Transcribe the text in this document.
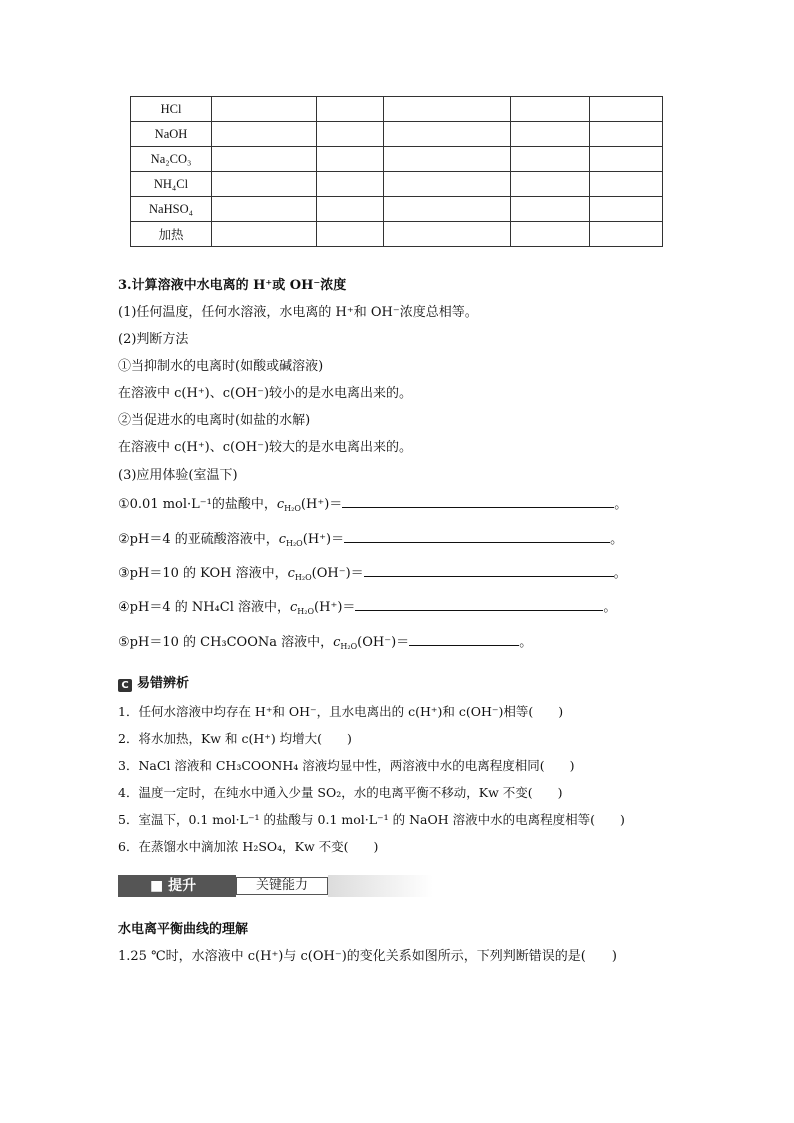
HCl					
NaOH					
Na₂CO₃					
NH₄Cl					
NaHSO₄					
加热					
3.计算溶液中水电离的 H⁺或 OH⁻浓度
(1)任何温度，任何水溶液，水电离的 H⁺和 OH⁻浓度总相等。
(2)判断方法
①当抑制水的电离时(如酸或碱溶液)
在溶液中 c(H⁺)、c(OH⁻)较小的是水电离出来的。
②当促进水的电离时(如盐的水解)
在溶液中 c(H⁺)、c(OH⁻)较大的是水电离出来的。
(3)应用体验(室温下)
①0.01 mol·L⁻¹的盐酸中，$c_{H_2O}(H^+)=$	。
②pH＝4 的亚硫酸溶液中，$c_{H_2O}(H^+)=$	。
③pH＝10 的 KOH 溶液中，$c_{H_2O}(OH^-)=$	。
④pH＝4 的 NH₄Cl 溶液中，$c_{H_2O}(H^+)=$	。
⑤pH＝10 的 CH₃COONa 溶液中，$c_{H_2O}(OH^-)=$	。
C 易错辨析
1．任何水溶液中均存在 H⁺和 OH⁻，且水电离出的 c(H⁺)和 c(OH⁻)相等(　　)
2．将水加热，Kw 和 c(H⁺) 均增大(　　)
3．NaCl 溶液和 CH₃COONH₄ 溶液均显中性，两溶液中水的电离程度相同(　　)
4．温度一定时，在纯水中通入少量 SO₂，水的电离平衡不移动，Kw 不变(　　)
5．室温下，0.1 mol·L⁻¹ 的盐酸与 0.1 mol·L⁻¹ 的 NaOH 溶液中水的电离程度相等(　　)
6．在蒸馏水中滴加浓 H₂SO₄，Kw 不变(　　)
■ 提升	关键能力
水电离平衡曲线的理解
1.25 ℃时，水溶液中 c(H⁺)与 c(OH⁻)的变化关系如图所示，下列判断错误的是(　　)
